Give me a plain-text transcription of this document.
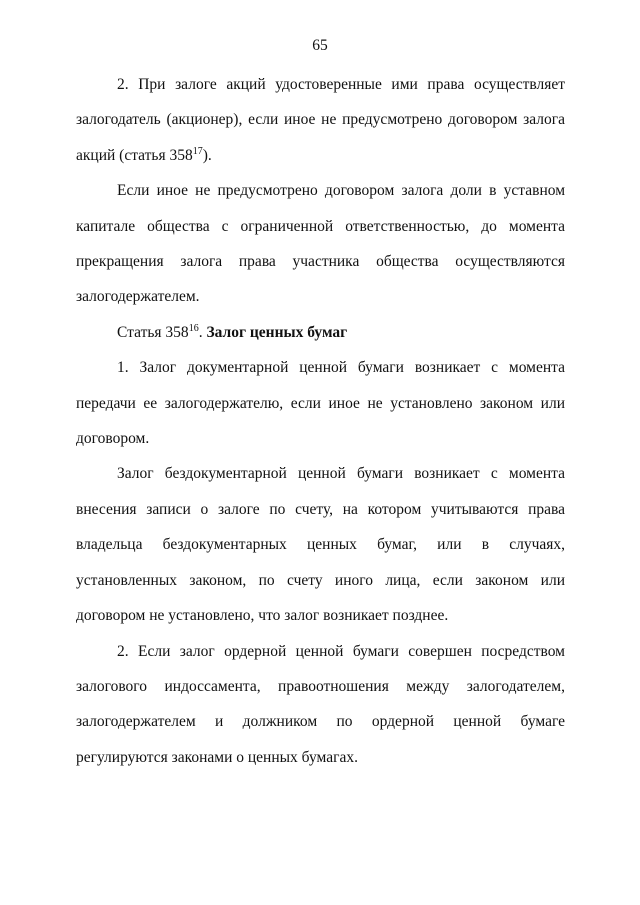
65

2. При залоге акций удостоверенные ими права осуществляет залогодатель (акционер), если иное не предусмотрено договором залога акций (статья $358^{17}$).

Если иное не предусмотрено договором залога доли в уставном капитале общества с ограниченной ответственностью, до момента прекращения залога права участника общества осуществляются залогодержателем.

Статья $358^{16}$. Залог ценных бумаг

1. Залог документарной ценной бумаги возникает с момента передачи ее залогодержателю, если иное не установлено законом или договором.

Залог бездокументарной ценной бумаги возникает с момента внесения записи о залоге по счету, на котором учитываются права владельца бездокументарных ценных бумаг, или в случаях, установленных законом, по счету иного лица, если законом или договором не установлено, что залог возникает позднее.

2. Если залог ордерной ценной бумаги совершен посредством залогового индоссамента, правоотношения между залогодателем, залогодержателем и должником по ордерной ценной бумаге регулируются законами о ценных бумагах.
